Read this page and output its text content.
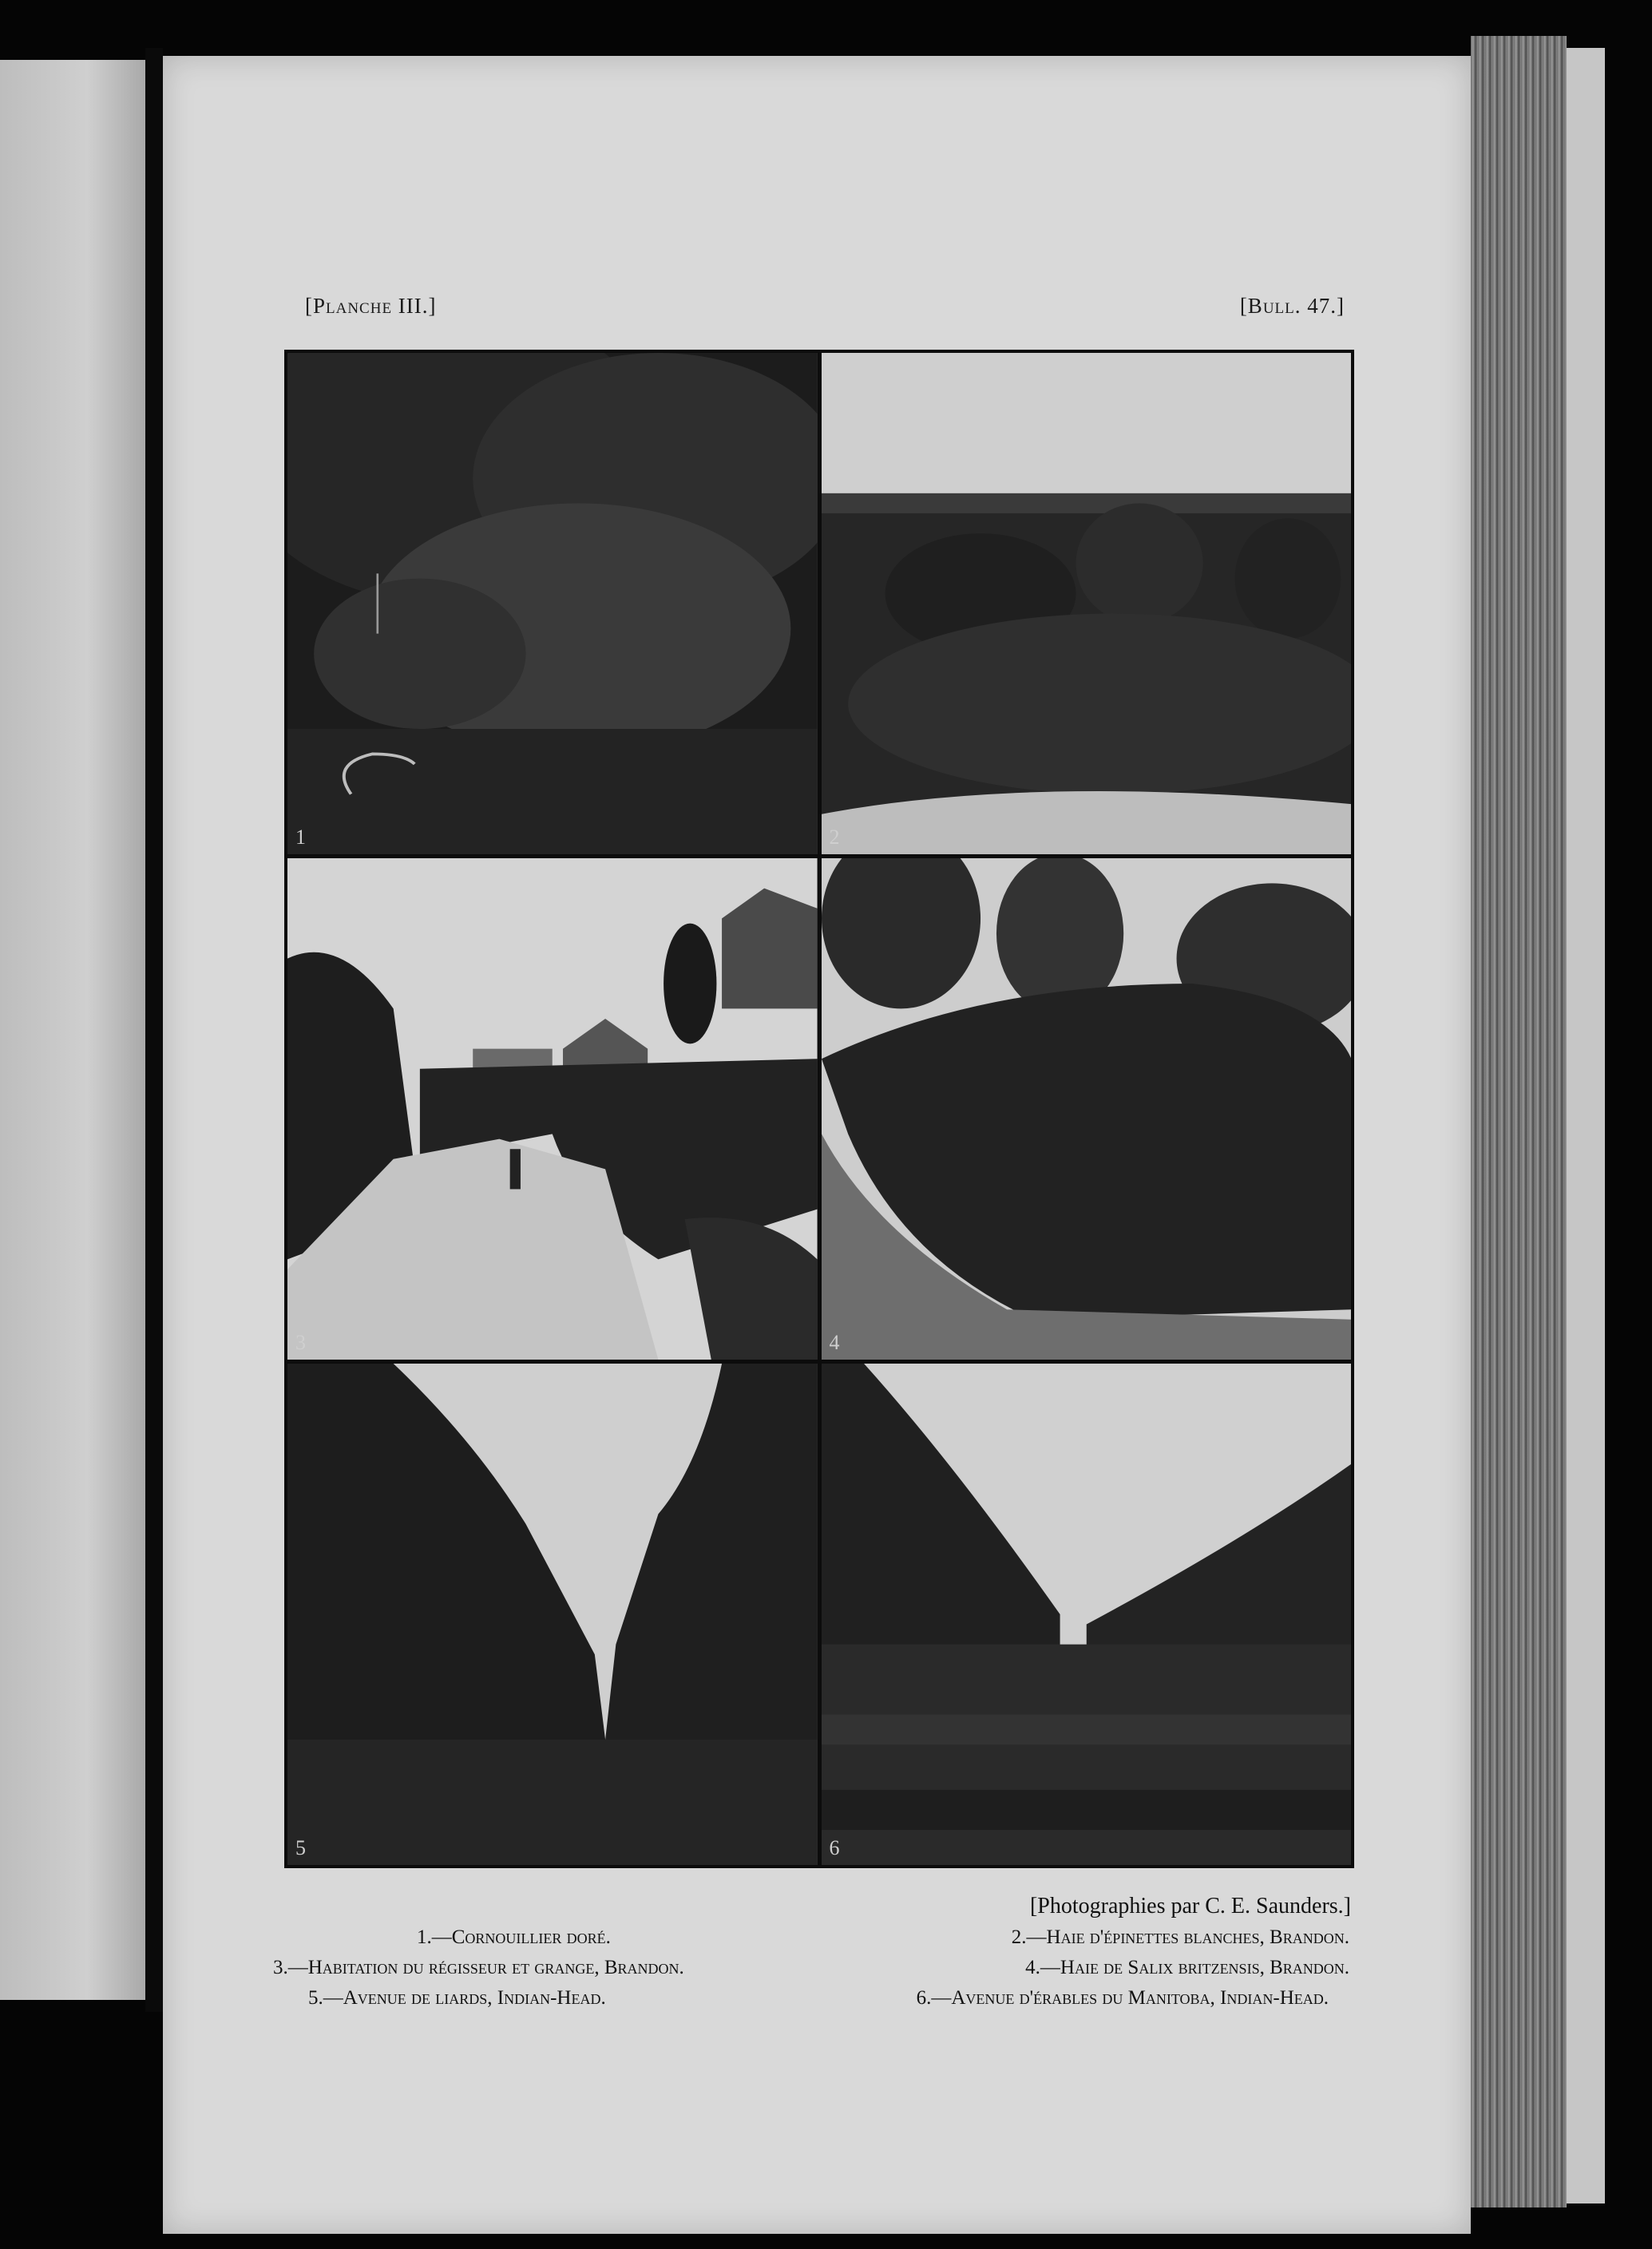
[Planche III.]	[Bull. 47.]
1	2
3	4
5	6
[Photographies par C. E. Saunders.]
1.—Cornouillier doré.	2.—Haie d'épinettes blanches, Brandon.
3.—Habitation du régisseur et grange, Brandon.	4.—Haie de Salix britzensis, Brandon.
5.—Avenue de liards, Indian-Head.	6.—Avenue d'érables du Manitoba, Indian-Head.
